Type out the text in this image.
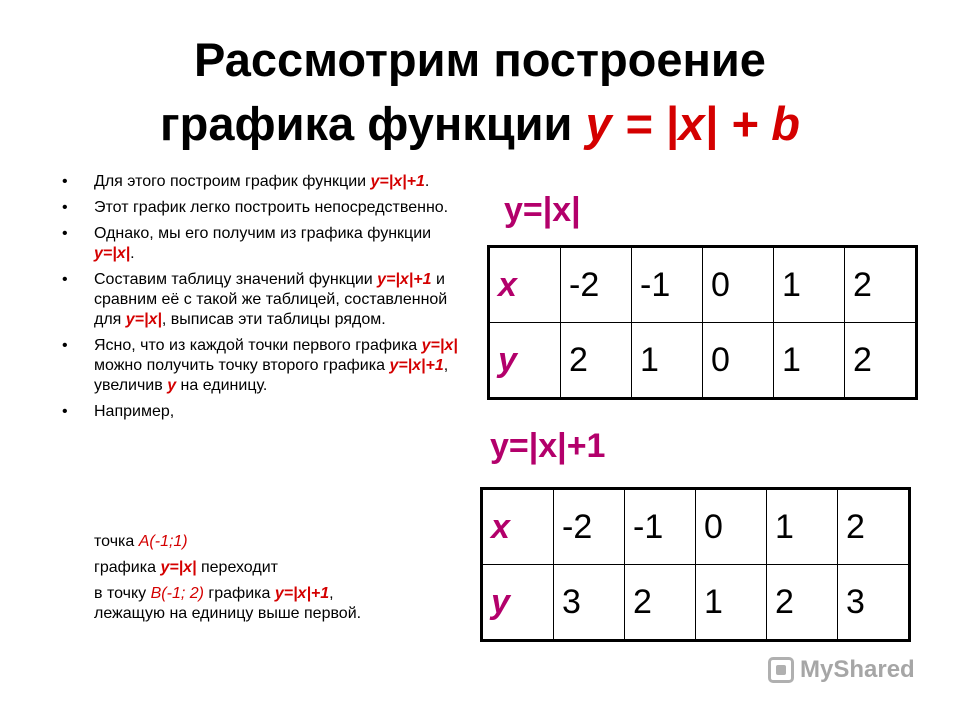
Рассмотрим построение
графика функции y = |x| + b
• Для этого построим график функции y=|x|+1.
• Этот график легко построить непосредственно.
• Однако, мы его получим из графика функции y=|x|.
• Составим таблицу значений функции y=|x|+1 и сравним её с такой же таблицей, составленной для y=|x|, выписав эти таблицы рядом.
• Ясно, что из каждой точки первого графика y=|x| можно получить точку второго графика y=|x|+1, увеличив y на единицу.
• Например,
точка A(-1;1)
графика y=|x| переходит
в точку B(-1; 2) графика y=|x|+1,
лежащую на единицу выше первой.
y=|x|
x	-2	-1	0	1	2
y	2	1	0	1	2
y=|x|+1
x	-2	-1	0	1	2
y	3	2	1	2	3
MyShared
